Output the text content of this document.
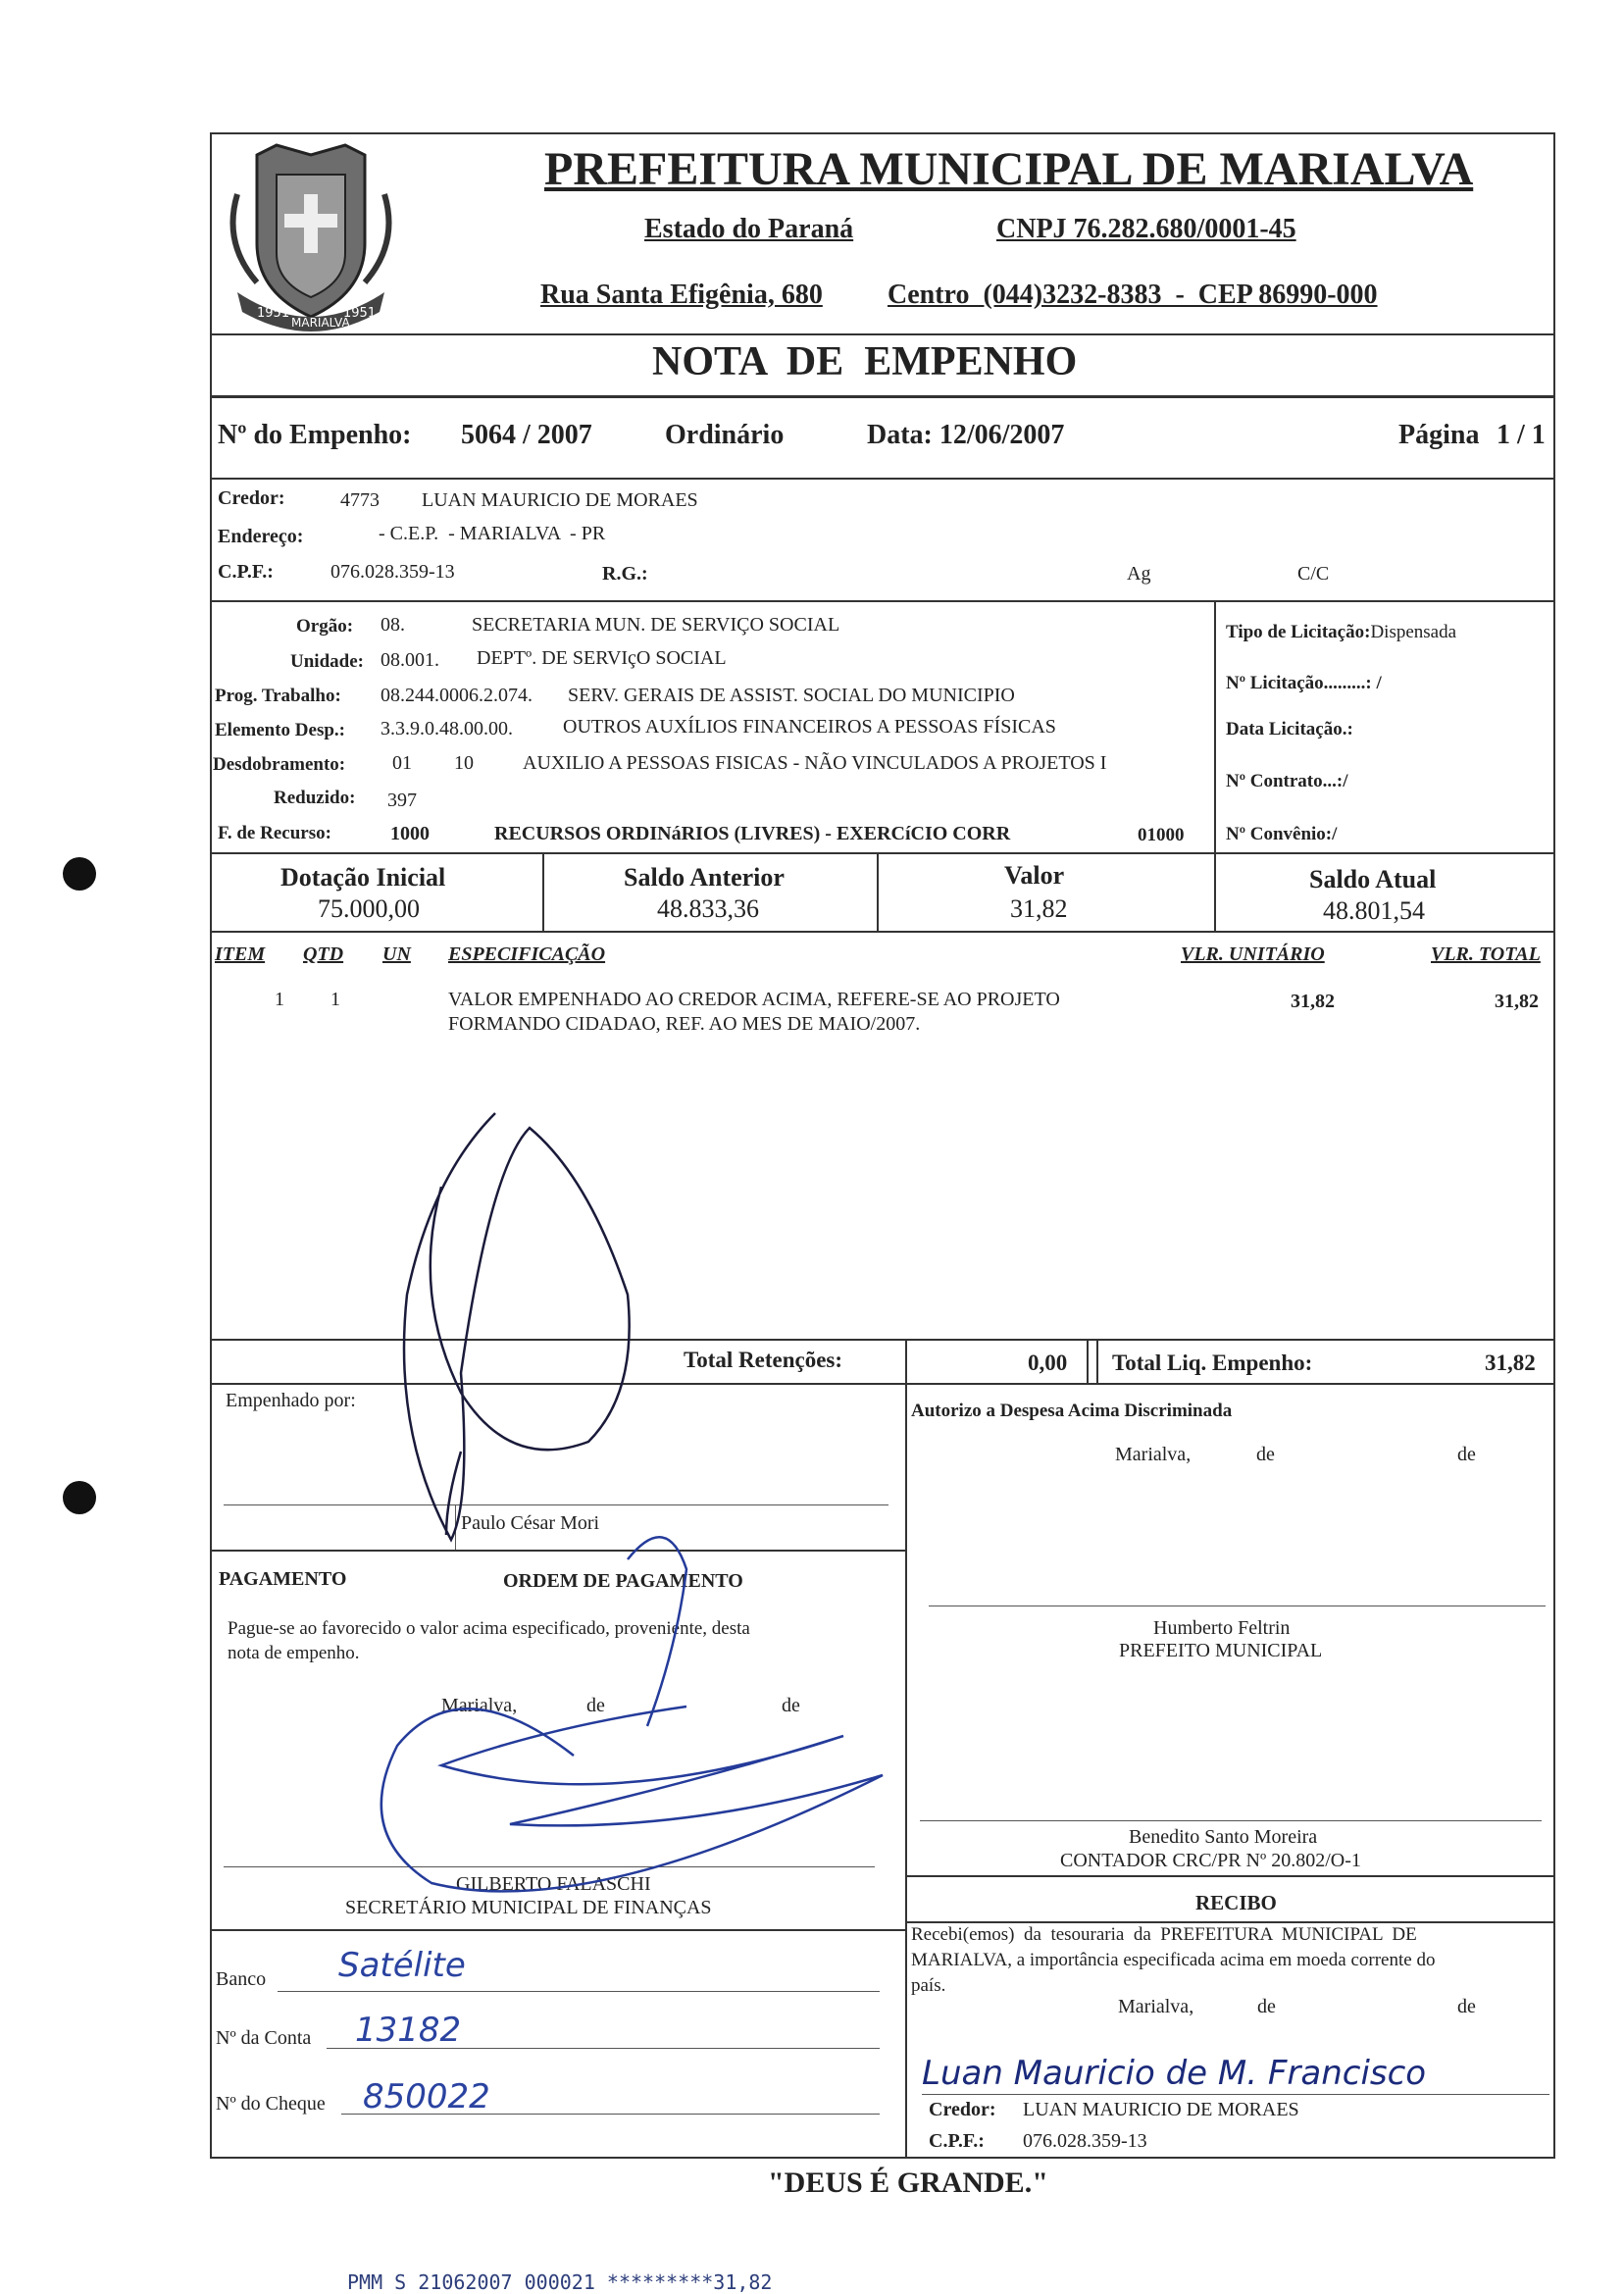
1951
MARIALVA
1951
PREFEITURA MUNICIPAL DE MARIALVA
Estado do Paraná	CNPJ 76.282.680/0001-45
Rua Santa Efigênia, 680 Centro  (044)3232-8383  -  CEP 86990-000
NOTA  DE  EMPENHO
Nº do Empenho: 5064 / 2007	Ordinário	Data: 12/06/2007	Página 1 / 1
Credor:	4773 LUAN MAURICIO DE MORAES
Endereço:	- C.E.P.  - MARIALVA  - PR
C.P.F.:	076.028.359-13	R.G.:	Ag	C/C
Orgão: 08.	SECRETARIA MUN. DE SERVIÇO SOCIAL
Unidade: 08.001. DEPTº. DE SERVIçO SOCIAL
Prog. Trabalho: 08.244.0006.2.074. SERV. GERAIS DE ASSIST. SOCIAL DO MUNICIPIO
Elemento Desp.: 3.3.9.0.48.00.00.	OUTROS AUXÍLIOS FINANCEIROS A PESSOAS FÍSICAS
Desdobramento: 01 10	AUXILIO A PESSOAS FISICAS - NÃO VINCULADOS A PROJETOS I
Reduzido: 397
F. de Recurso:	1000	RECURSOS ORDINáRIOS (LIVRES) - EXERCíCIO CORR	01000
Tipo de Licitação:Dispensada
Nº Licitação.........: /
Data Licitação.:
Nº Contrato...:/
Nº Convênio:/
Dotação Inicial
75.000,00
Saldo Anterior
48.833,36
Valor
31,82
Saldo Atual
48.801,54
ITEM QTD UN ESPECIFICAÇÃO	VLR. UNITÁRIO	VLR. TOTAL
1 1	VALOR EMPENHADO AO CREDOR ACIMA, REFERE-SE AO PROJETO
FORMANDO CIDADAO, REF. AO MES DE MAIO/2007.
31,82	31,82
Total Retenções:	0,00 Total Liq. Empenho:	31,82
Empenhado por:
Paulo César Mori
Autorizo a Despesa Acima Discriminada
Marialva,	de	de
Humberto Feltrin
PREFEITO MUNICIPAL
PAGAMENTO	ORDEM DE PAGAMENTO
Pague-se ao favorecido o valor acima especificado, proveniente, desta
nota de empenho.
Marialva,	de	de
GILBERTO FALASCHI
SECRETÁRIO MUNICIPAL DE FINANÇAS
Benedito Santo Moreira
CONTADOR CRC/PR Nº 20.802/O-1
RECIBO
Recebi(emos)  da  tesouraria  da  PREFEITURA  MUNICIPAL  DE
MARIALVA, a importância especificada acima em moeda corrente do
país.
Marialva,	de	de
Luan Mauricio de M. Francisco
Credor: LUAN MAURICIO DE MORAES
C.P.F.: 076.028.359-13
Banco Satélite
Nº da Conta 13182
Nº do Cheque 850022
"DEUS É GRANDE."
PMM S 21062007 000021 *********31,82
